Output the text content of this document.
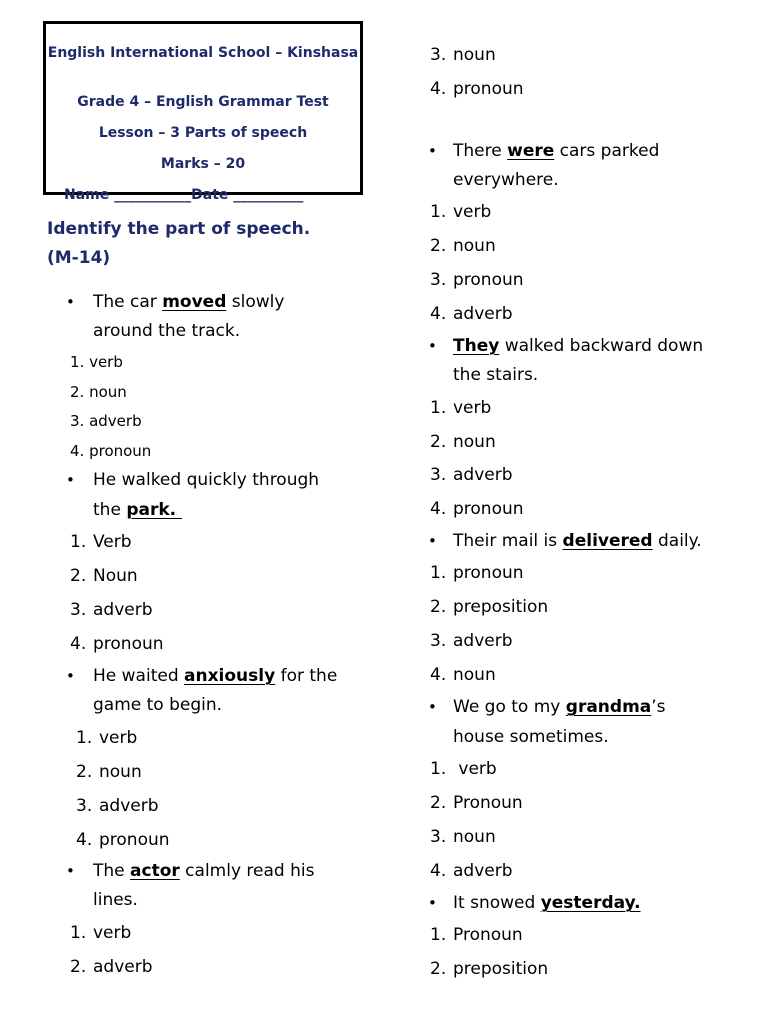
English International School – Kinshasa
Grade 4 – English Grammar Test
Lesson – 3 Parts of speech
Marks – 20
Name ___________Date __________
Identify the part of speech.
(M-14)
• The car moved slowly
around the track.
1. verb
2. noun
3. adverb
4. pronoun
• He walked quickly through
the park.
1. Verb
2. Noun
3. adverb
4. pronoun
• He waited anxiously for the
game to begin.
1. verb
2. noun
3. adverb
4. pronoun
• The actor calmly read his
lines.
1. verb
2. adverb
3. noun
4. pronoun
• There were cars parked
everywhere.
1. verb
2. noun
3. pronoun
4. adverb
• They walked backward down
the stairs.
1. verb
2. noun
3. adverb
4. pronoun
• Their mail is delivered daily.
1. pronoun
2. preposition
3. adverb
4. noun
• We go to my grandma’s
house sometimes.
1. verb
2. Pronoun
3. noun
4. adverb
• It snowed yesterday.
1. Pronoun
2. preposition
